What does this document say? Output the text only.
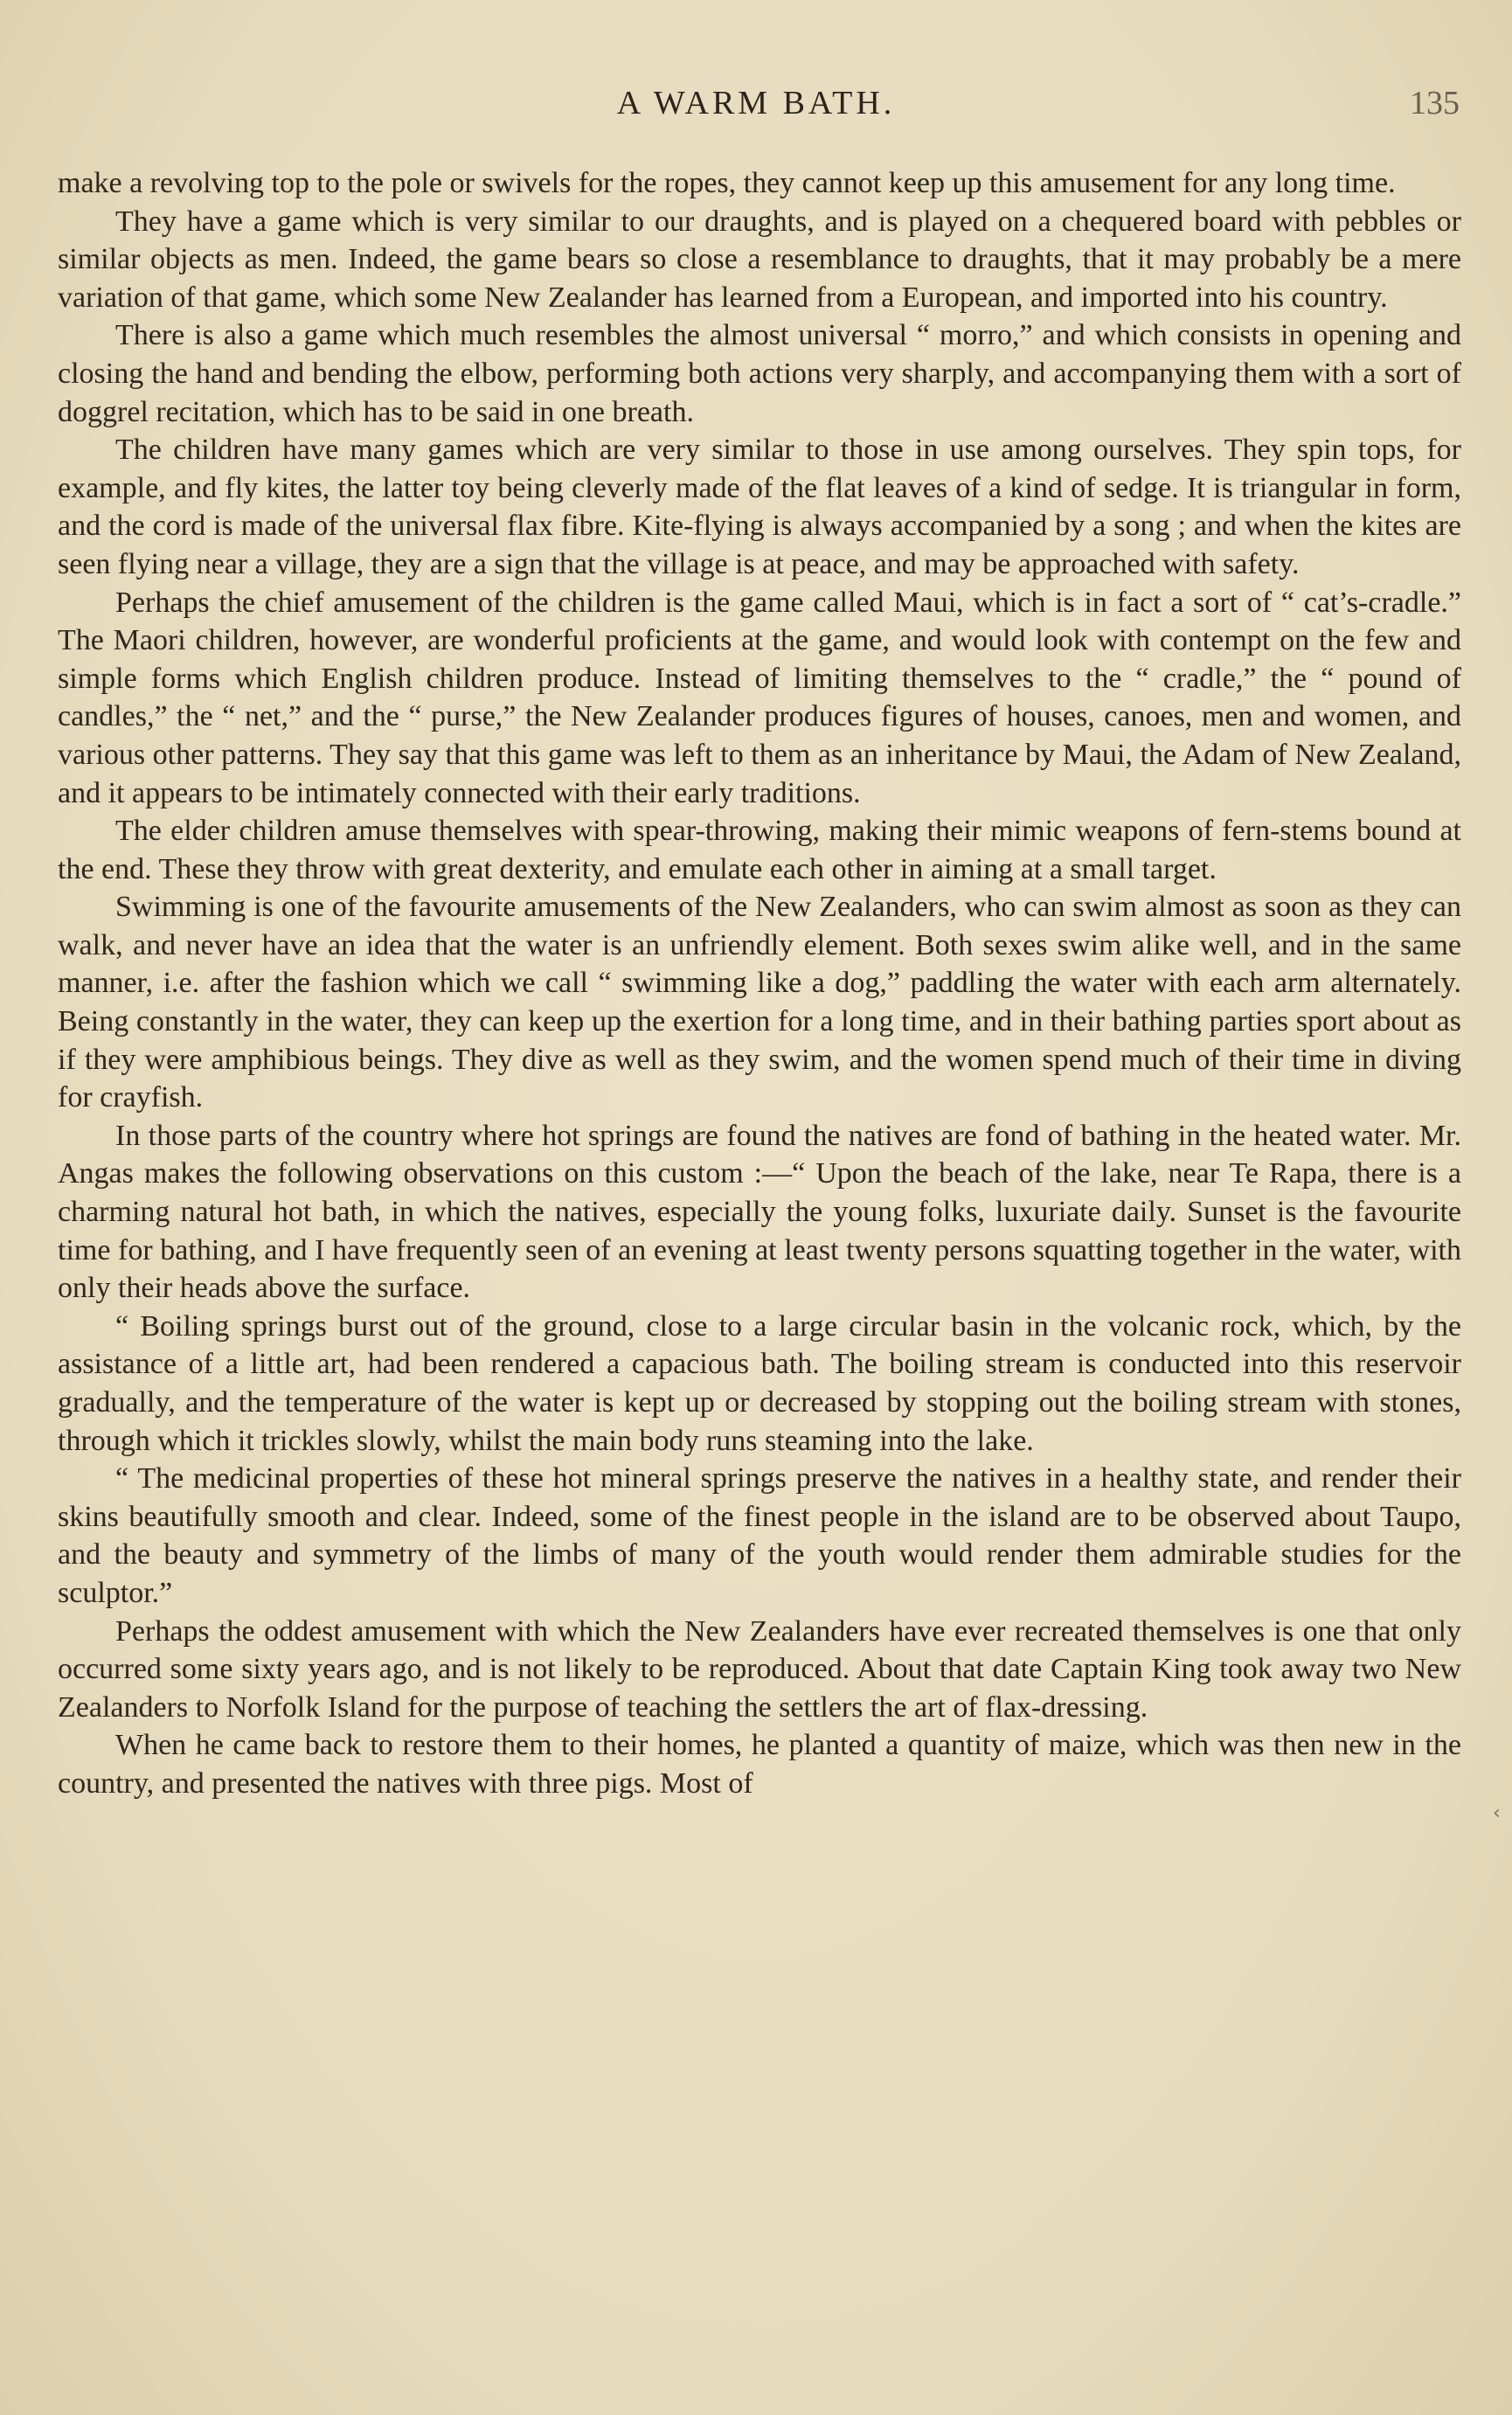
A WARM BATH.	135

make a revolving top to the pole or swivels for the ropes, they cannot keep up this amusement for any long time.

They have a game which is very similar to our draughts, and is played on a chequered board with pebbles or similar objects as men. Indeed, the game bears so close a resemblance to draughts, that it may probably be a mere variation of that game, which some New Zealander has learned from a European, and imported into his country.

There is also a game which much resembles the almost universal “ morro,” and which consists in opening and closing the hand and bending the elbow, performing both actions very sharply, and accompanying them with a sort of doggrel recitation, which has to be said in one breath.

The children have many games which are very similar to those in use among ourselves. They spin tops, for example, and fly kites, the latter toy being cleverly made of the flat leaves of a kind of sedge. It is triangular in form, and the cord is made of the universal flax fibre. Kite-flying is always accompanied by a song ; and when the kites are seen flying near a village, they are a sign that the village is at peace, and may be approached with safety.

Perhaps the chief amusement of the children is the game called Maui, which is in fact a sort of “ cat’s-cradle.” The Maori children, however, are wonderful proficients at the game, and would look with contempt on the few and simple forms which English children produce. Instead of limiting themselves to the “ cradle,” the “ pound of candles,” the “ net,” and the “ purse,” the New Zealander produces figures of houses, canoes, men and women, and various other patterns. They say that this game was left to them as an inheritance by Maui, the Adam of New Zealand, and it appears to be intimately connected with their early traditions.

The elder children amuse themselves with spear-throwing, making their mimic weapons of fern-stems bound at the end. These they throw with great dexterity, and emulate each other in aiming at a small target.

Swimming is one of the favourite amusements of the New Zealanders, who can swim almost as soon as they can walk, and never have an idea that the water is an unfriendly element. Both sexes swim alike well, and in the same manner, i.e. after the fashion which we call “ swimming like a dog,” paddling the water with each arm alternately. Being constantly in the water, they can keep up the exertion for a long time, and in their bathing parties sport about as if they were amphibious beings. They dive as well as they swim, and the women spend much of their time in diving for crayfish.

In those parts of the country where hot springs are found the natives are fond of bathing in the heated water. Mr. Angas makes the following observations on this custom :—“ Upon the beach of the lake, near Te Rapa, there is a charming natural hot bath, in which the natives, especially the young folks, luxuriate daily. Sunset is the favourite time for bathing, and I have frequently seen of an evening at least twenty persons squatting together in the water, with only their heads above the surface.

“ Boiling springs burst out of the ground, close to a large circular basin in the volcanic rock, which, by the assistance of a little art, had been rendered a capacious bath. The boiling stream is conducted into this reservoir gradually, and the temperature of the water is kept up or decreased by stopping out the boiling stream with stones, through which it trickles slowly, whilst the main body runs steaming into the lake.

“ The medicinal properties of these hot mineral springs preserve the natives in a healthy state, and render their skins beautifully smooth and clear. Indeed, some of the finest people in the island are to be observed about Taupo, and the beauty and symmetry of the limbs of many of the youth would render them admirable studies for the sculptor.”

Perhaps the oddest amusement with which the New Zealanders have ever recreated themselves is one that only occurred some sixty years ago, and is not likely to be reproduced. About that date Captain King took away two New Zealanders to Norfolk Island for the purpose of teaching the settlers the art of flax-dressing.

When he came back to restore them to their homes, he planted a quantity of maize, which was then new in the country, and presented the natives with three pigs. Most of

‹
